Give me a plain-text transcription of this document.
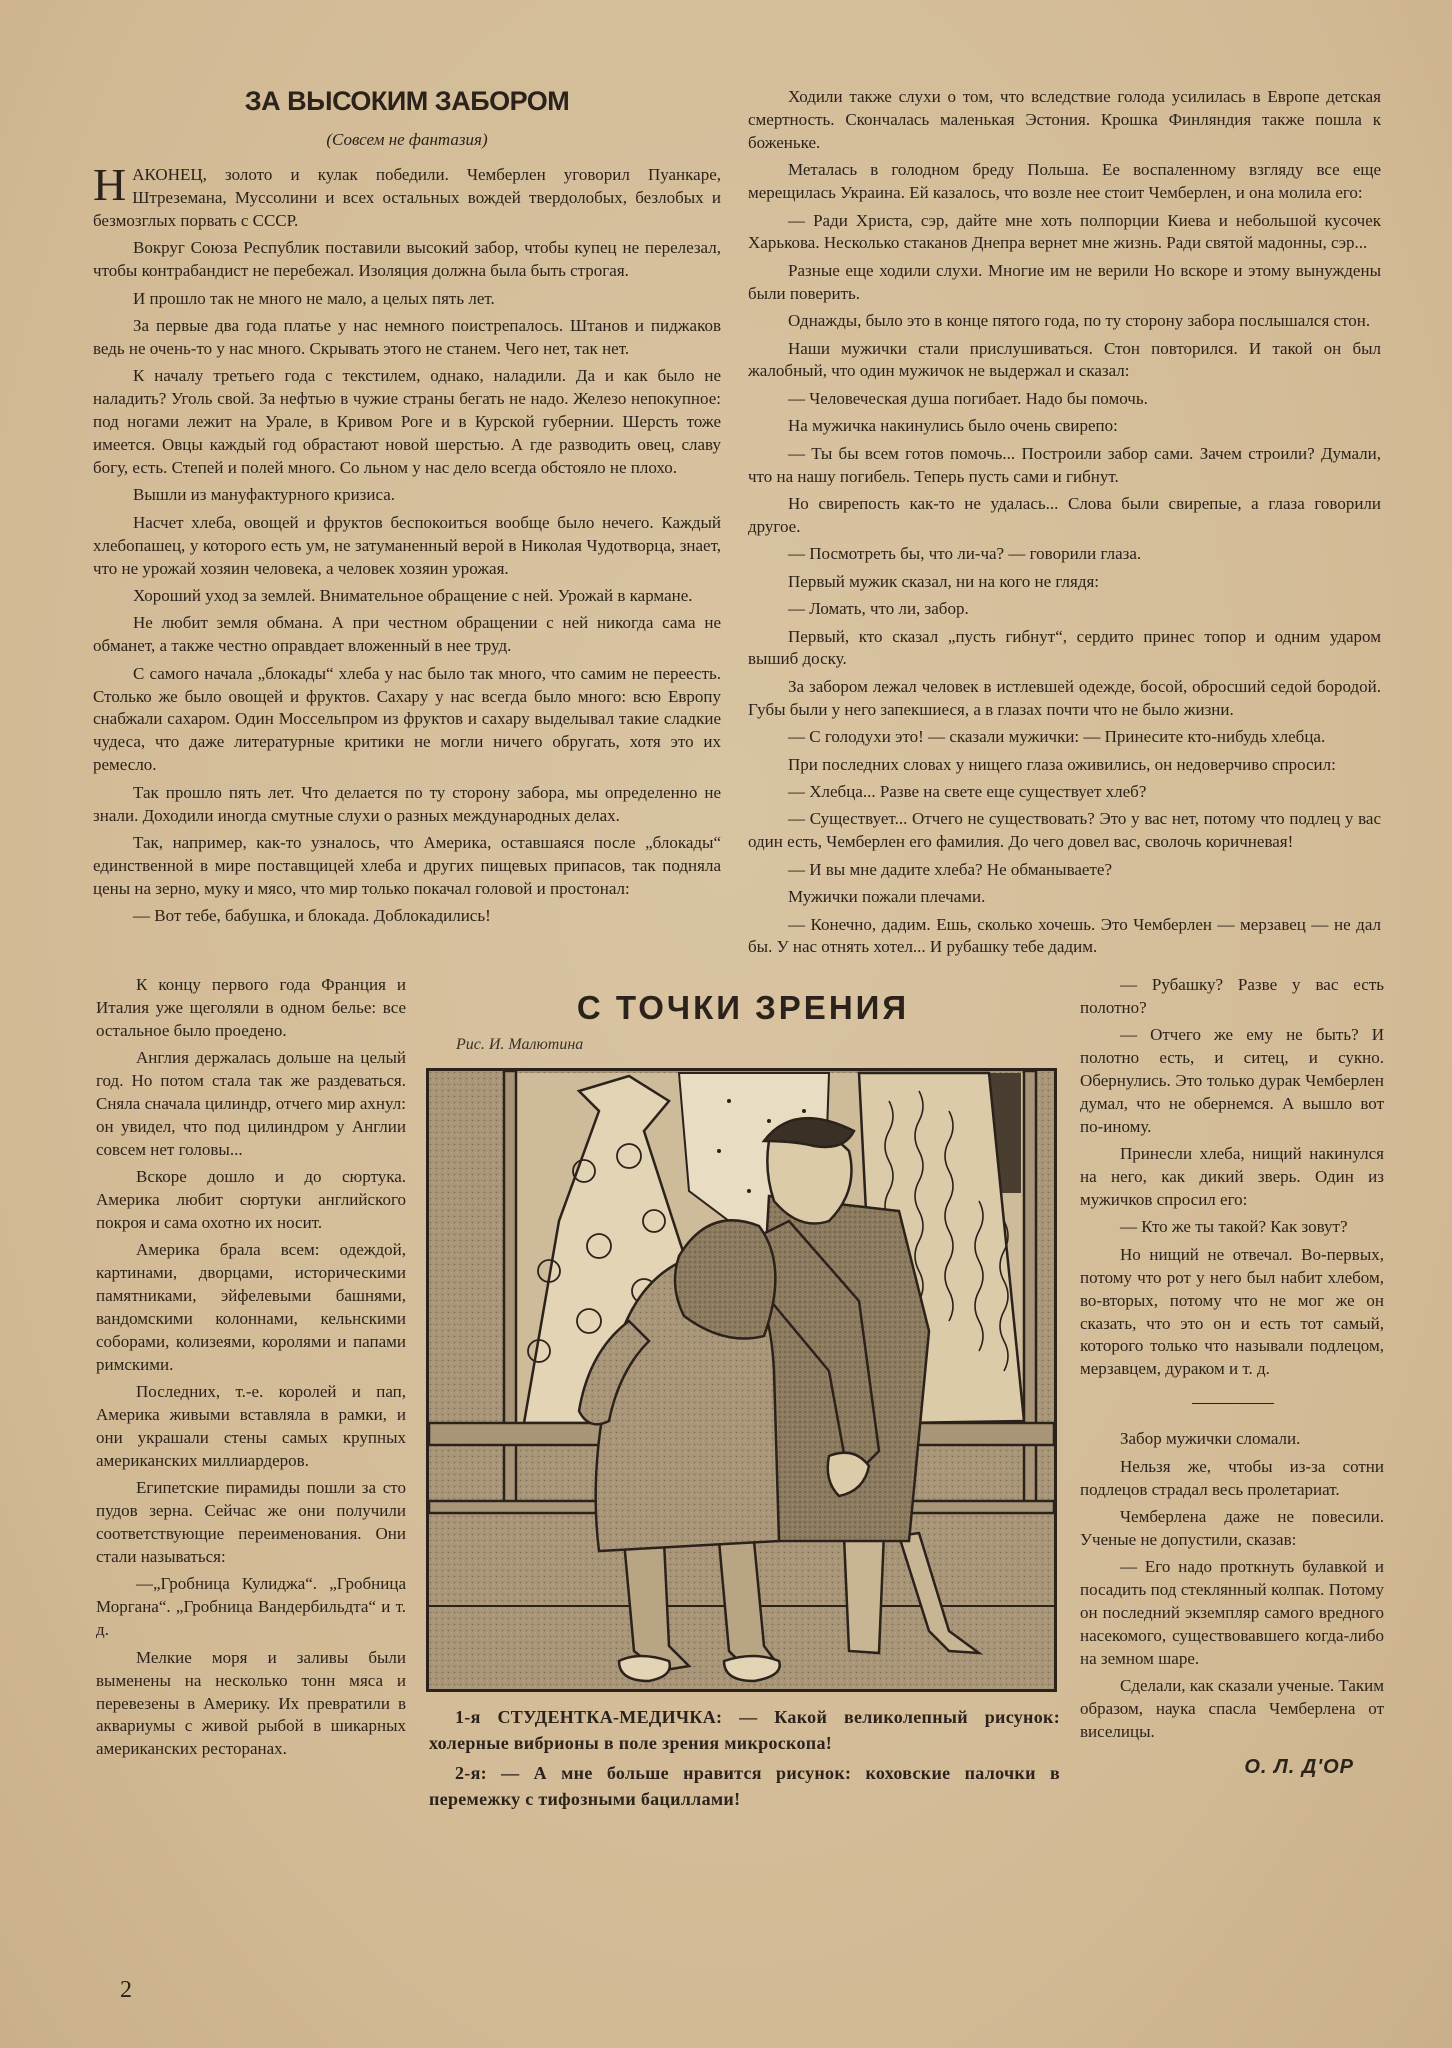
ЗА ВЫСОКИМ ЗАБОРОМ
(Совсем не фантазия)

НАКОНЕЦ, золото и кулак победили. Чемберлен уговорил Пуанкаре, Штреземана, Муссолини и всех остальных вождей твердолобых, безлобых и безмозглых порвать с СССР.

Вокруг Союза Республик поставили высокий забор, чтобы купец не перелезал, чтобы контрабандист не перебежал. Изоляция должна была быть строгая.

И прошло так не много не мало, а целых пять лет.

За первые два года платье у нас немного поистрепалось. Штанов и пиджаков ведь не очень-то у нас много. Скрывать этого не станем. Чего нет, так нет.

К началу третьего года с текстилем, однако, наладили. Да и как было не наладить? Уголь свой. За нефтью в чужие страны бегать не надо. Железо непокупное: под ногами лежит на Урале, в Кривом Роге и в Курской губернии. Шерсть тоже имеется. Овцы каждый год обрастают новой шерстью. А где разводить овец, славу богу, есть. Степей и полей много. Со льном у нас дело всегда обстояло не плохо.

Вышли из мануфактурного кризиса.

Насчет хлеба, овощей и фруктов беспокоиться вообще было нечего. Каждый хлебопашец, у которого есть ум, не затуманенный верой в Николая Чудотворца, знает, что не урожай хозяин человека, а человек хозяин урожая.

Хороший уход за землей. Внимательное обращение с ней. Урожай в кармане.

Не любит земля обмана. А при честном обращении с ней никогда сама не обманет, а также честно оправдает вложенный в нее труд.

С самого начала „блокады“ хлеба у нас было так много, что самим не переесть. Столько же было овощей и фруктов. Сахару у нас всегда было много: всю Европу снабжали сахаром. Один Моссельпром из фруктов и сахару выделывал такие сладкие чудеса, что даже литературные критики не могли ничего обругать, хотя это их ремесло.

Так прошло пять лет. Что делается по ту сторону забора, мы определенно не знали. Доходили иногда смутные слухи о разных международных делах.

Так, например, как-то узналось, что Америка, оставшаяся после „блокады“ единственной в мире поставщицей хлеба и других пищевых припасов, так подняла цены на зерно, муку и мясо, что мир только покачал головой и простонал:

— Вот тебе, бабушка, и блокада. Доблокадились!

Ходили также слухи о том, что вследствие голода усилилась в Европе детская смертность. Скончалась маленькая Эстония. Крошка Финляндия также пошла к боженьке.

Металась в голодном бреду Польша. Ее воспаленному взгляду все еще мерещилась Украина. Ей казалось, что возле нее стоит Чемберлен, и она молила его:

— Ради Христа, сэр, дайте мне хоть полпорции Киева и небольшой кусочек Харькова. Несколько стаканов Днепра вернет мне жизнь. Ради святой мадонны, сэр...

Разные еще ходили слухи. Многие им не верили Но вскоре и этому вынуждены были поверить.

Однажды, было это в конце пятого года, по ту сторону забора послышался стон.

Наши мужички стали прислушиваться. Стон повторился. И такой он был жалобный, что один мужичок не выдержал и сказал:

— Человеческая душа погибает. Надо бы помочь.

На мужичка накинулись было очень свирепо:

— Ты бы всем готов помочь... Построили забор сами. Зачем строили? Думали, что на нашу погибель. Теперь пусть сами и гибнут.

Но свирепость как-то не удалась... Слова были свирепые, а глаза говорили другое.

— Посмотреть бы, что ли-ча? — говорили глаза.

Первый мужик сказал, ни на кого не глядя:

— Ломать, что ли, забор.

Первый, кто сказал „пусть гибнут“, сердито принес топор и одним ударом вышиб доску.

За забором лежал человек в истлевшей одежде, босой, обросший седой бородой. Губы были у него запекшиеся, а в глазах почти что не было жизни.

— С голодухи это! — сказали мужички: — Принесите кто-нибудь хлебца.

При последних словах у нищего глаза оживились, он недоверчиво спросил:

— Хлебца... Разве на свете еще существует хлеб?

— Существует... Отчего не существовать? Это у вас нет, потому что подлец у вас один есть, Чемберлен его фамилия. До чего довел вас, сволочь коричневая!

— И вы мне дадите хлеба? Не обманываете?

Мужички пожали плечами.

— Конечно, дадим. Ешь, сколько хочешь. Это Чемберлен — мерзавец — не дал бы. У нас отнять хотел... И рубашку тебе дадим.

К концу первого года Франция и Италия уже щеголяли в одном белье: все остальное было проедено.

Англия держалась дольше на целый год. Но потом стала так же раздеваться. Сняла сначала цилиндр, отчего мир ахнул: он увидел, что под цилиндром у Англии совсем нет головы...

Вскоре дошло и до сюртука. Америка любит сюртуки английского покроя и сама охотно их носит.

Америка брала всем: одеждой, картинами, дворцами, историческими памятниками, эйфелевыми башнями, вандомскими колоннами, кельнскими соборами, колизеями, королями и папами римскими.

Последних, т.-е. королей и пап, Америка живыми вставляла в рамки, и они украшали стены самых крупных американских миллиардеров.

Египетские пирамиды пошли за сто пудов зерна. Сейчас же они получили соответствующие переименования. Они стали называться:

—„Гробница Кулиджа“. „Гробница Моргана“. „Гробница Вандербильдта“ и т. д.

Мелкие моря и заливы были выменены на несколько тонн мяса и перевезены в Америку. Их превратили в аквариумы с живой рыбой в шикарных американских ресторанах.

С ТОЧКИ ЗРЕНИЯ
Рис. И. Малютина

1-я СТУДЕНТКА-МЕДИЧКА: — Какой великолепный рисунок: холерные вибрионы в поле зрения микроскопа!

2-я: — А мне больше нравится рисунок: коховские палочки в перемежку с тифозными бациллами!

— Рубашку? Разве у вас есть полотно?

— Отчего же ему не быть? И полотно есть, и ситец, и сукно. Обернулись. Это только дурак Чемберлен думал, что не обернемся. А вышло вот по-иному.

Принесли хлеба, нищий накинулся на него, как дикий зверь. Один из мужичков спросил его:

— Кто же ты такой? Как зовут?

Но нищий не отвечал. Во-первых, потому что рот у него был набит хлебом, во-вторых, потому что не мог же он сказать, что это он и есть тот самый, которого только что называли подлецом, мерзавцем, дураком и т. д.

Забор мужички сломали.

Нельзя же, чтобы из-за сотни подлецов страдал весь пролетариат.

Чемберлена даже не повесили. Ученые не допустили, сказав:

— Его надо проткнуть булавкой и посадить под стеклянный колпак. Потому он последний экземпляр самого вредного насекомого, существовавшего когда-либо на земном шаре.

Сделали, как сказали ученые. Таким образом, наука спасла Чемберлена от виселицы.

О. Л. Д'ОР
2
